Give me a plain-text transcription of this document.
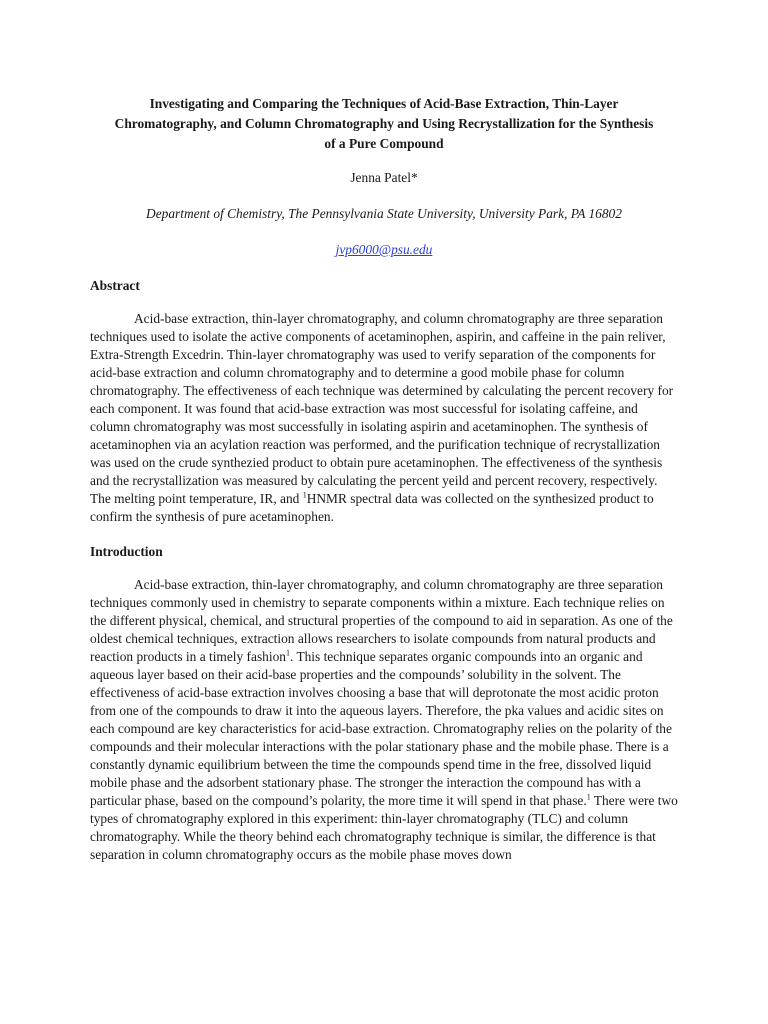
Investigating and Comparing the Techniques of Acid-Base Extraction, Thin-Layer Chromatography, and Column Chromatography and Using Recrystallization for the Synthesis of a Pure Compound
Jenna Patel*
Department of Chemistry, The Pennsylvania State University, University Park, PA 16802
jvp6000@psu.edu
Abstract

Acid-base extraction, thin-layer chromatography, and column chromatography are three separation techniques used to isolate the active components of acetaminophen, aspirin, and caffeine in the pain reliver, Extra-Strength Excedrin. Thin-layer chromatography was used to verify separation of the components for acid-base extraction and column chromatography and to determine a good mobile phase for column chromatography. The effectiveness of each technique was determined by calculating the percent recovery for each component. It was found that acid-base extraction was most successful for isolating caffeine, and column chromatography was most successfully in isolating aspirin and acetaminophen. The synthesis of acetaminophen via an acylation reaction was performed, and the purification technique of recrystallization was used on the crude synthezied product to obtain pure acetaminophen. The effectiveness of the synthesis and the recrystallization was measured by calculating the percent yeild and percent recovery, respectively. The melting point temperature, IR, and $^1$HNMR spectral data was collected on the synthesized product to confirm the synthesis of pure acetaminophen.

Introduction

Acid-base extraction, thin-layer chromatography, and column chromatography are three separation techniques commonly used in chemistry to separate components within a mixture. Each technique relies on the different physical, chemical, and structural properties of the compound to aid in separation. As one of the oldest chemical techniques, extraction allows researchers to isolate compounds from natural products and reaction products in a timely fashion$^1$. This technique separates organic compounds into an organic and aqueous layer based on their acid-base properties and the compounds’ solubility in the solvent. The effectiveness of acid-base extraction involves choosing a base that will deprotonate the most acidic proton from one of the compounds to draw it into the aqueous layers. Therefore, the pka values and acidic sites on each compound are key characteristics for acid-base extraction. Chromatography relies on the polarity of the compounds and their molecular interactions with the polar stationary phase and the mobile phase. There is a constantly dynamic equilibrium between the time the compounds spend time in the free, dissolved liquid mobile phase and the adsorbent stationary phase. The stronger the interaction the compound has with a particular phase, based on the compound’s polarity, the more time it will spend in that phase.$^1$ There were two types of chromatography explored in this experiment: thin-layer chromatography (TLC) and column chromatography. While the theory behind each chromatography technique is similar, the difference is that separation in column chromatography occurs as the mobile phase moves down
